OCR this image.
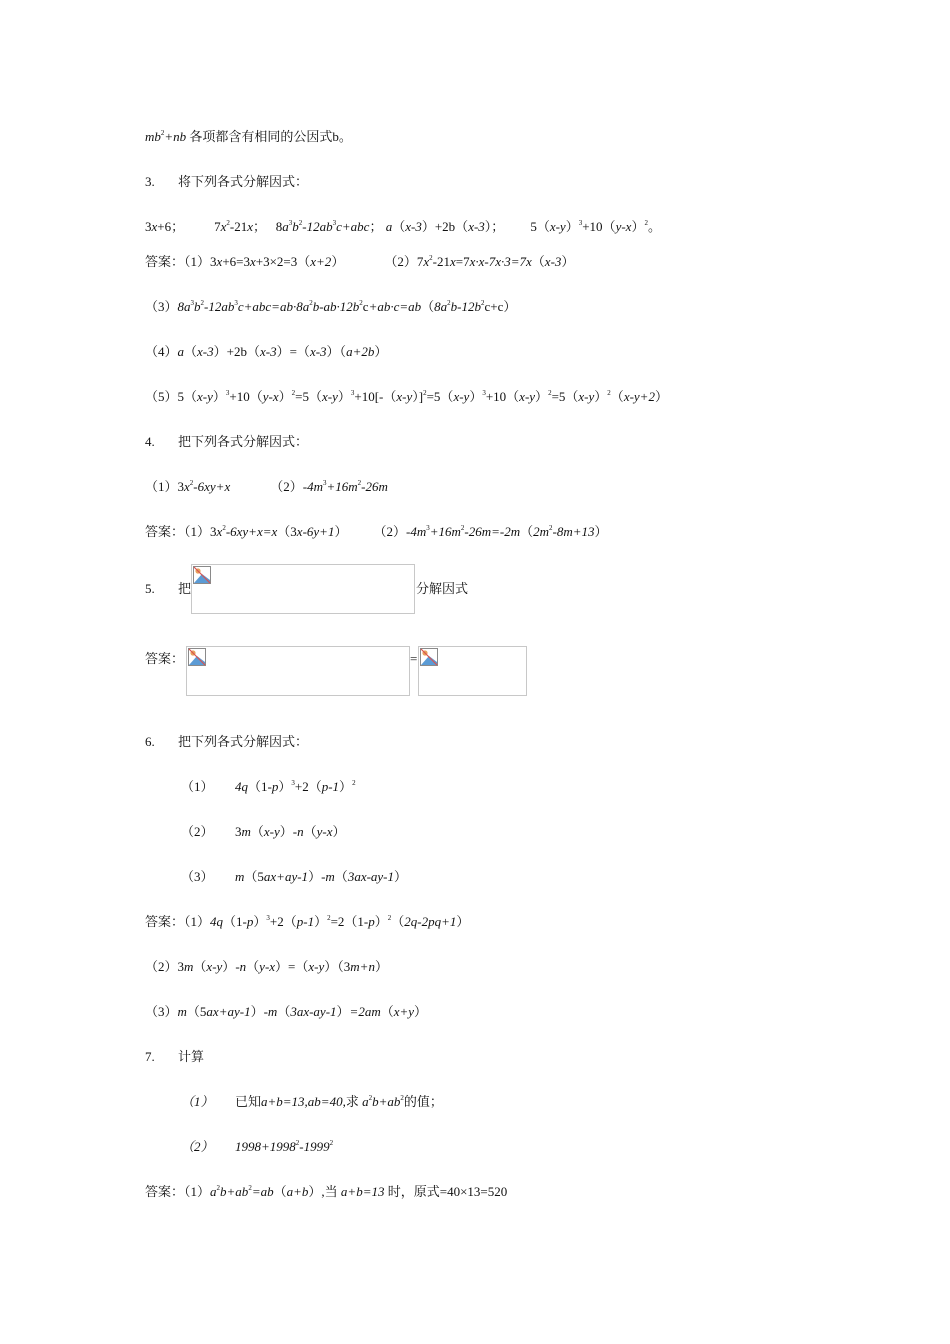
$mb^2+nb$ 各项都含有相同的公因式b。
3. 将下列各式分解因式：
3x+6； $7x^2-21x$；   $8a^3b^2-12ab^3c+abc$； a（x-3）+2b（x-3）； $5(x-y)^3+10(y-x)^2$。
答案：（1）3x+6=3x+3×2=3（x+2）	$(2)7x^2-21x=7x\cdot x-7x\cdot 3=7x(x-3)$
$(3)8a^3b^2-12ab^3c+abc=ab\cdot 8a^2b-ab\cdot 12b^2c+ab\cdot c=ab(8a^2b-12b^2c+c)$
（4）a（x-3）+2b（x-3）=（x-3）（a+2b）
$(5)5(x-y)^3+10(y-x)^2=5(x-y)^3+10[-(x-y)]^2=5(x-y)^3+10(x-y)^2=5(x-y)^2(x-y+2)$
4. 把下列各式分解因式：
$(1)3x^2-6xy+x$	$(2)-4m^3+16m^2-26m$
答案：$(1)3x^2-6xy+x=x(3x-6y+1)$ $(2)-4m^3+16m^2-26m=-2m(2m^2-8m+13)$
5. 把	分解因式
答案：	=
6. 把下列各式分解因式：
（1） $4q(1-p)^3+2(p-1)^2$
（2） 3m（x-y）-n（y-x）
（3） m（5ax+ay-1）-m（3ax-ay-1）
答案：$(1)4q(1-p)^3+2(p-1)^2=2(1-p)^2(2q-2pq+1)$
（2）3m（x-y）-n（y-x）=（x-y）（3m+n）
（3）m（5ax+ay-1）-m（3ax-ay-1）=2am（x+y）
7. 计算
（1） 已知a+b=13,ab=40,求 $a^2b+ab^2$的值；
（2） $1998+1998^2-1999^2$
答案：$(1)a^2b+ab^2=ab(a+b)$,当 a+b=13 时，原式=40×13=520
